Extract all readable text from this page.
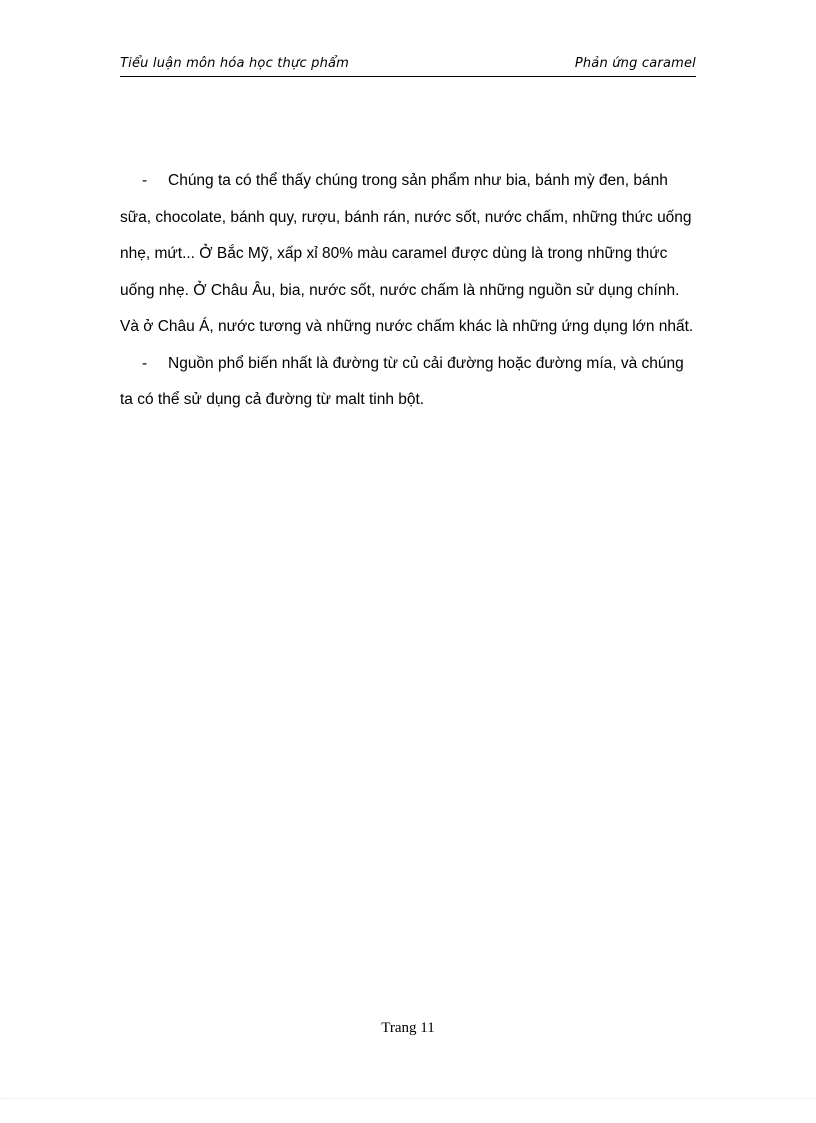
Tiểu luận môn hóa học thực phẩm	Phản ứng caramel

- Chúng ta có thể thấy chúng trong sản phẩm như bia, bánh mỳ đen, bánh sữa, chocolate, bánh quy, rượu, bánh rán, nước sốt, nước chấm, những thức uống nhẹ, mứt... Ở Bắc Mỹ, xấp xỉ 80% màu caramel được dùng là trong những thức uống nhẹ. Ở Châu Âu, bia, nước sốt, nước chấm là những nguồn sử dụng chính. Và ở Châu Á, nước tương và những nước chấm khác là những ứng dụng lớn nhất.

- Nguồn phổ biến nhất là đường từ củ cải đường hoặc đường mía, và chúng ta có thể sử dụng cả đường từ malt tinh bột.

Trang 11
